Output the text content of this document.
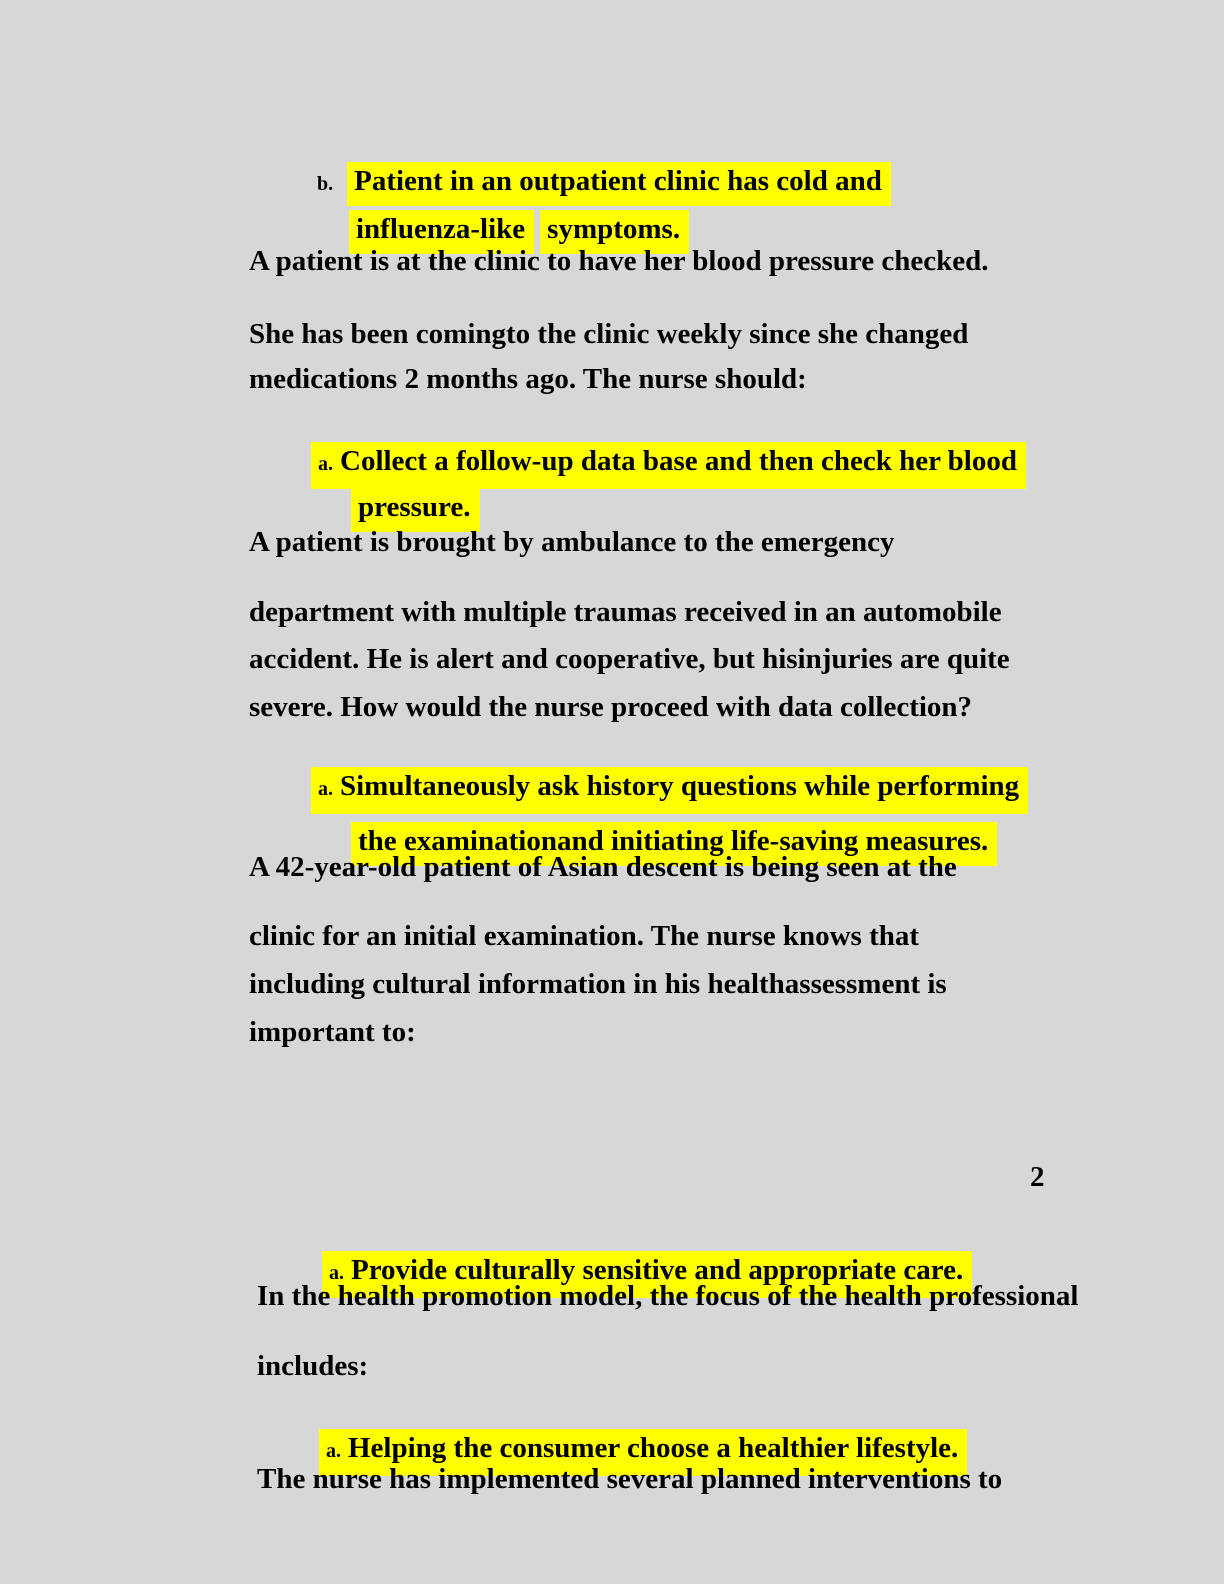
b. Patient in an outpatient clinic has cold and

influenza-like symptoms.

A patient is at the clinic to have her blood pressure checked.
She has been comingto the clinic weekly since she changed
medications 2 months ago. The nurse should:

a. Collect a follow-up data base and then check her blood

pressure.

A patient is brought by ambulance to the emergency
department with multiple traumas received in an automobile
accident. He is alert and cooperative, but hisinjuries are quite
severe. How would the nurse proceed with data collection?

a. Simultaneously ask history questions while performing

the examinationand initiating life-saving measures.

A 42-year-old patient of Asian descent is being seen at the
clinic for an initial examination. The nurse knows that
including cultural information in his healthassessment is
important to:
2

a. Provide culturally sensitive and appropriate care.

In the health promotion model, the focus of the health professional
includes:

a. Helping the consumer choose a healthier lifestyle.

The nurse has implemented several planned interventions to
